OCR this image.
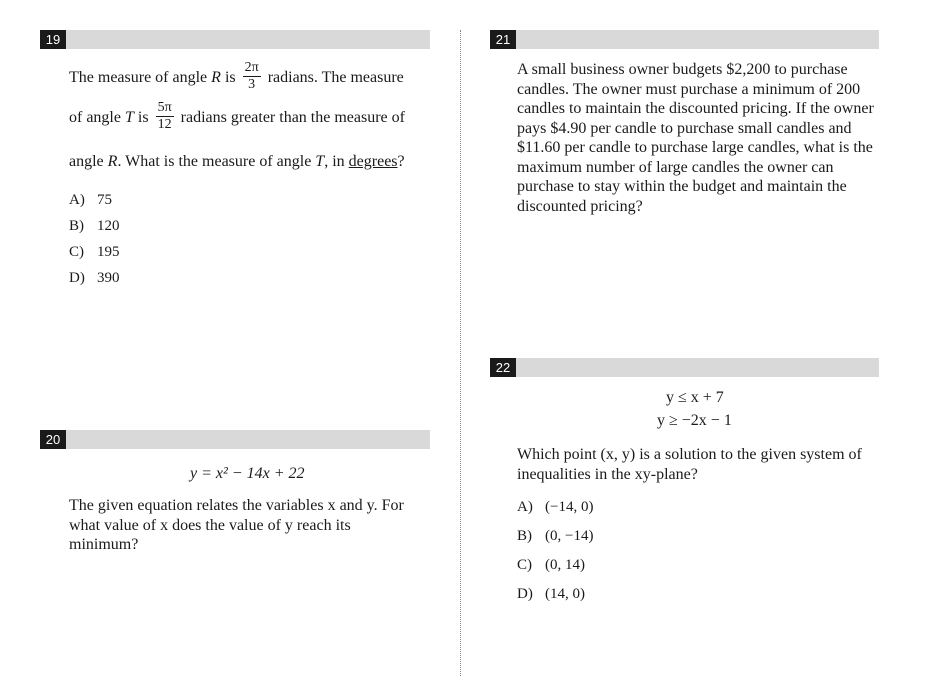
19
The measure of angle R is $\frac{2\pi}{3}$ radians. The measure
of angle T is $\frac{5\pi}{12}$ radians greater than the measure of
angle R. What is the measure of angle T, in degrees?
A) 75
B) 120
C) 195
D) 390
20
y = x² − 14x + 22
The given equation relates the variables x and y. For what value of x does the value of y reach its minimum?
21
A small business owner budgets $2,200 to purchase candles. The owner must purchase a minimum of 200 candles to maintain the discounted pricing. If the owner pays $4.90 per candle to purchase small candles and $11.60 per candle to purchase large candles, what is the maximum number of large candles the owner can purchase to stay within the budget and maintain the discounted pricing?
22
y ≤ x + 7
y ≥ −2x − 1
Which point (x, y) is a solution to the given system of inequalities in the xy-plane?
A) (−14, 0)
B) (0, −14)
C) (0, 14)
D) (14, 0)
